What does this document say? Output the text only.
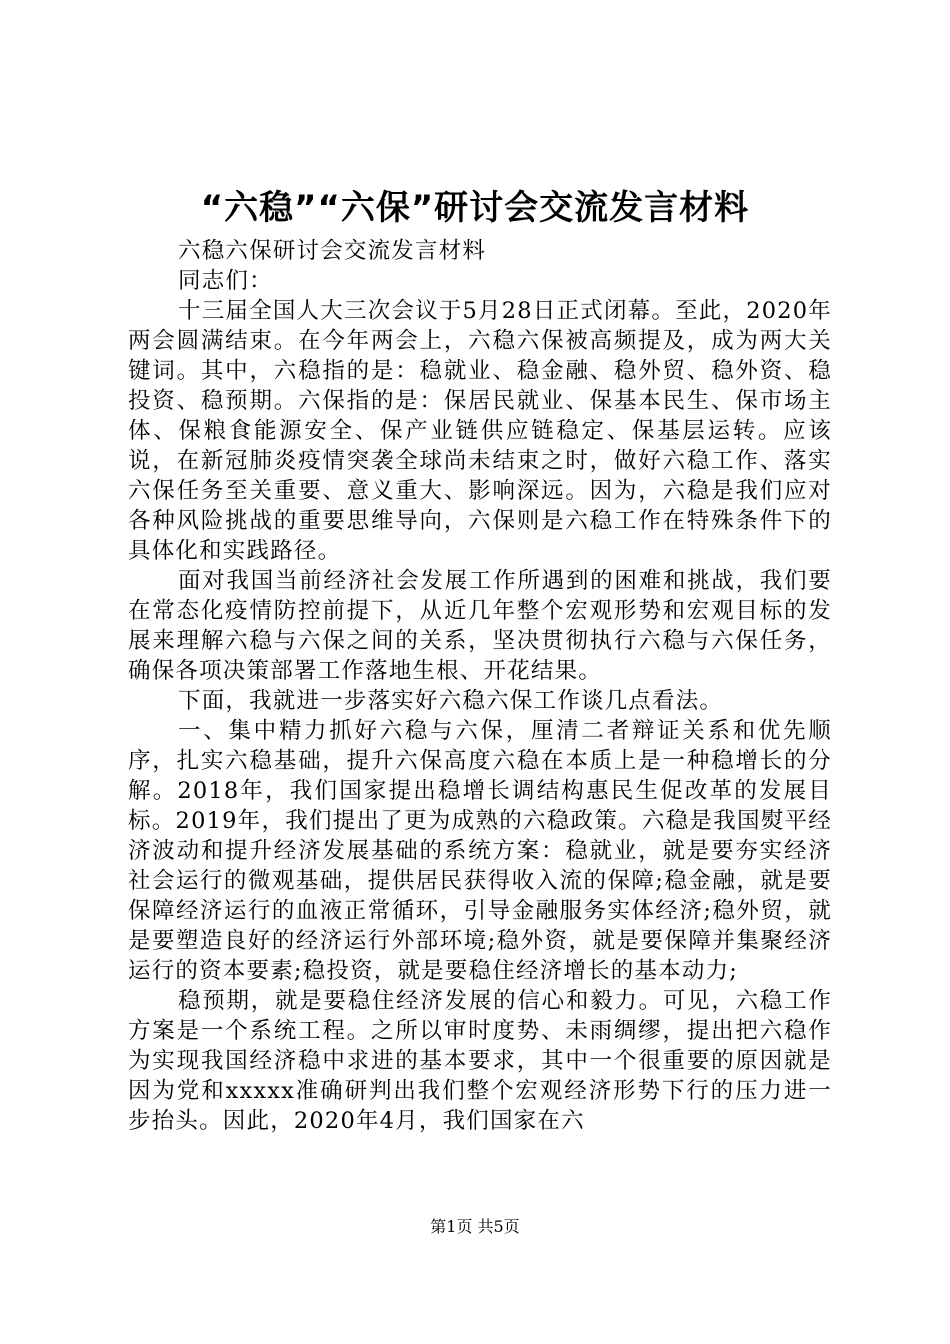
“六稳”“六保”研讨会交流发言材料
六稳六保研讨会交流发言材料
同志们：

十三届全国人大三次会议于5月28日正式闭幕。至此，2020年两会圆满结束。在今年两会上，六稳六保被高频提及，成为两大关键词。其中，六稳指的是：稳就业、稳金融、稳外贸、稳外资、稳投资、稳预期。六保指的是：保居民就业、保基本民生、保市场主体、保粮食能源安全、保产业链供应链稳定、保基层运转。应该说，在新冠肺炎疫情突袭全球尚未结束之时，做好六稳工作、落实六保任务至关重要、意义重大、影响深远。因为，六稳是我们应对各种风险挑战的重要思维导向，六保则是六稳工作在特殊条件下的具体化和实践路径。

面对我国当前经济社会发展工作所遇到的困难和挑战，我们要在常态化疫情防控前提下，从近几年整个宏观形势和宏观目标的发展来理解六稳与六保之间的关系，坚决贯彻执行六稳与六保任务，确保各项决策部署工作落地生根、开花结果。

下面，我就进一步落实好六稳六保工作谈几点看法。

一、集中精力抓好六稳与六保，厘清二者辩证关系和优先顺序，扎实六稳基础，提升六保高度六稳在本质上是一种稳增长的分解。2018年，我们国家提出稳增长调结构惠民生促改革的发展目标。2019年，我们提出了更为成熟的六稳政策。六稳是我国熨平经济波动和提升经济发展基础的系统方案：稳就业，就是要夯实经济社会运行的微观基础，提供居民获得收入流的保障;稳金融，就是要保障经济运行的血液正常循环，引导金融服务实体经济;稳外贸，就是要塑造良好的经济运行外部环境;稳外资，就是要保障并集聚经济运行的资本要素;稳投资，就是要稳住经济增长的基本动力;

稳预期，就是要稳住经济发展的信心和毅力。可见，六稳工作方案是一个系统工程。之所以审时度势、未雨绸缪，提出把六稳作为实现我国经济稳中求进的基本要求，其中一个很重要的原因就是因为党和xxxxx准确研判出我们整个宏观经济形势下行的压力进一步抬头。因此，2020年4月，我们国家在六

第1页 共5页
